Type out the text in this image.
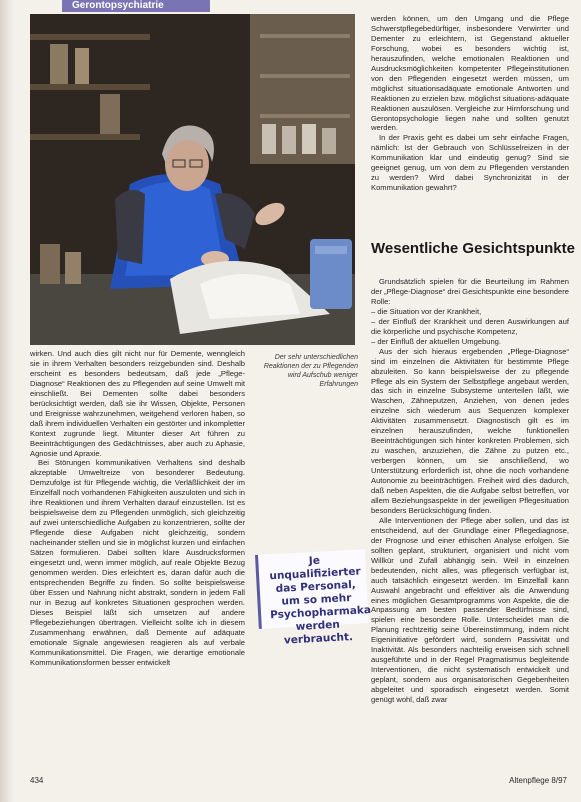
Gerontopsychiatrie
Der sehr unterschiedlichen Reaktionen der zu Pflegenden wird Aufschub weniger Erfahrungen

wirken. Und auch dies gilt nicht nur für Demente, wenngleich sie in ihrem Verhalten besonders reizgebunden sind. Deshalb erscheint es besonders bedeutsam, daß jede „Pflege-Diagnose“ Reaktionen des zu Pflegenden auf seine Umwelt mit einschließt. Bei Dementen sollte dabei besonders berücksichtigt werden, daß sie ihr Wissen, Objekte, Personen und Ereignisse wahrzunehmen, weitgehend verloren haben, so daß ihrem individuellen Verhalten ein gestörter und inkompletter Kontext zugrunde liegt. Mitunter dieser Art führen zu Beeinträchtigungen des Gedächtnisses, aber auch zu Aphasie, Agnosie und Apraxie.

Bei Störungen kommunikativen Verhaltens sind deshalb akzeptable Umweltreize von besonderer Bedeutung. Demzufolge ist für Pflegende wichtig, die Verläßlichkeit der im Einzelfall noch vorhandenen Fähigkeiten auszuloten und sich in ihre Reaktionen und ihrem Verhalten darauf einzustellen. Ist es beispielsweise dem zu Pflegenden unmöglich, sich gleichzeitig auf zwei unterschiedliche Aufgaben zu konzentrieren, sollte der Pflegende diese Aufgaben nicht gleichzeitig, sondern nacheinander stellen und sie in möglichst kurzen und einfachen Sätzen formulieren. Dabei sollten klare Ausdrucksformen eingesetzt und, wenn immer möglich, auf reale Objekte Bezug genommen werden. Dies erleichtert es, daran dafür auch die entsprechenden Begriffe zu finden. So sollte beispielsweise über Essen und Nahrung nicht abstrakt, sondern in jedem Fall nur in Bezug auf konkretes Situationen gesprochen werden. Dieses Beispiel läßt sich umsetzen auf andere Pflegebeziehungen übertragen. Vielleicht sollte ich in diesem Zusammenhang erwähnen, daß Demente auf adäquate emotionale Signale angewiesen reagieren als auf verbale Kommunikationsmittel. Die Fragen, wie derartige emotionale Kommunikationsformen besser entwickelt

Je unqualifizierter das Personal, um so mehr Psychopharmaka werden verbraucht.

werden können, um den Umgang und die Pflege Schwerstpflegebedürftiger, insbesondere Verwirrter und Dementer zu erleichtern, ist Gegenstand aktueller Forschung, wobei es besonders wichtig ist, herauszufinden, welche emotionalen Reaktionen und Ausdrucksmöglichkeiten kompetenter Pflegeinstitutionen von den Pflegenden eingesetzt werden müssen, um möglichst situationsadäquate emotionale Antworten und Reaktionen zu erzielen bzw. möglichst situations-adäquate Reaktionen auszulösen. Vergleiche zur Hirnforschung und Gerontopsychologie liegen nahe und sollten genutzt werden.

In der Praxis geht es dabei um sehr einfache Fragen, nämlich: Ist der Gebrauch von Schlüsselreizen in der Kommunikation klar und eindeutig genug? Sind sie geeignet genug, um von dem zu Pflegenden verstanden zu werden? Wird dabei Synchronizität in der Kommunikation gewahrt?

Wesentliche Gesichtspunkte

Grundsätzlich spielen für die Beurteilung im Rahmen der „Pflege-Diagnose“ drei Gesichtspunkte eine besondere Rolle:

– die Situation vor der Krankheit,

– der Einfluß der Krankheit und deren Auswirkungen auf die körperliche und psychische Kompetenz,

– der Einfluß der aktuellen Umgebung.

Aus der sich hieraus ergebenden „Pflege-Diagnose“ sind im einzelnen die Aktivitäten für bestimmte Pflege abzuleiten. So kann beispielsweise der zu pflegende Pflege als ein System der Selbstpflege angebaut werden, das sich in einzelne Subsysteme unterteilen läßt, wie Waschen, Zähneputzen, Anziehen, von denen jedes einzelne sich wiederum aus Sequenzen komplexer Aktivitäten zusammensetzt. Diagnostisch gilt es im einzelnen herauszufinden, welche funktionellen Beeinträchtigungen sich hinter konkreten Problemen, sich zu waschen, anzuziehen, die Zähne zu putzen etc., verbergen können, um sie anschließend, wo Unterstützung erforderlich ist, ohne die noch vorhandene Autonomie zu beeinträchtigen. Freiheit wird dies dadurch, daß neben Aspekten, die die Aufgabe selbst betreffen, vor allem Beziehungsaspekte in der jeweiligen Pflegesituation besonders Berücksichtigung finden.

Alle Interventionen der Pflege aber sollen, und das ist entscheidend, auf der Grundlage einer Pflegediagnose, der Prognose und einer ethischen Analyse erfolgen. Sie sollten geplant, strukturiert, organisiert und nicht vom Willkür und Zufall abhängig sein. Weil in einzelnen bedeutenden, nicht alles, was pflegerisch verfügbar ist, auch tatsächlich eingesetzt werden. Im Einzelfall kann Auswahl angebracht und effektiver als die Anwendung eines möglichen Gesamtprogramms von Aspekte, die die Anpassung am besten passender Bedürfnisse sind, spielen eine besondere Rolle. Unterscheidet man die Planung rechtzeitig seine Übereinstimmung, indem nicht Eigeninitiative gefördert wird, sondern Passivität und Inaktivität. Als besonders nachteilig erweisen sich schnell ausgeführte und in der Regel Pragmatismus begleitende Interventionen, die nicht systematisch entwickelt und geplant, sondern aus organisatorischen Gegebenheiten abgeleitet und sporadisch eingesetzt werden. Somit genügt wohl, daß zwar

434	Altenpflege 8/97
